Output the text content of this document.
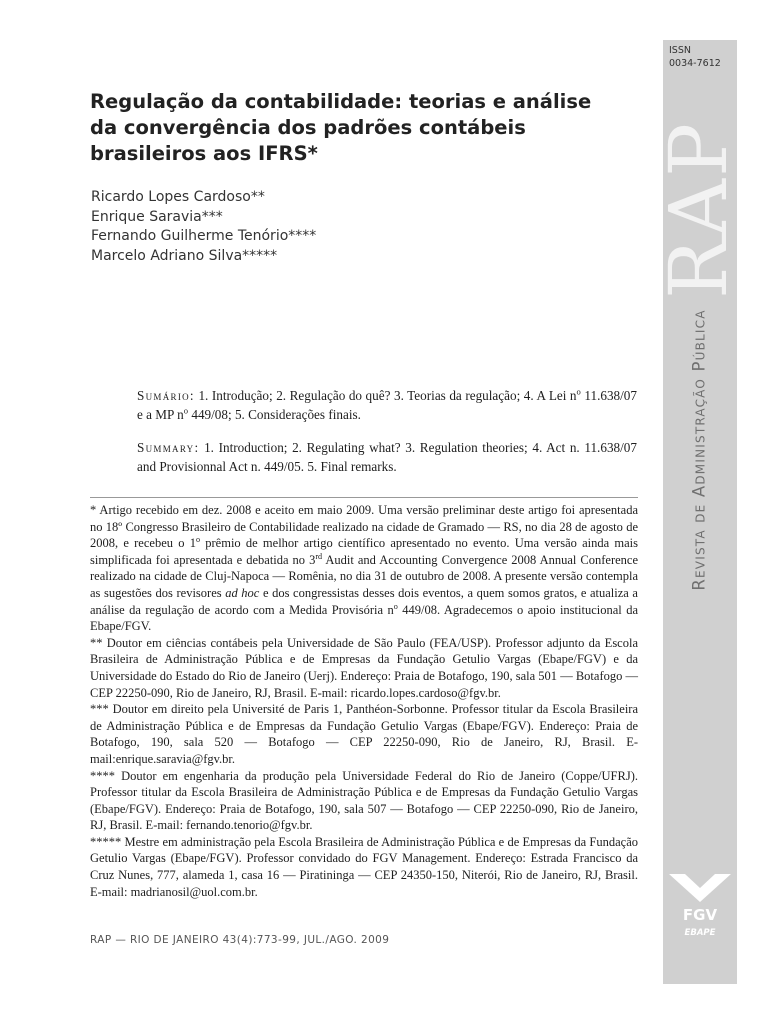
Regulação da contabilidade: teorias e análise
da convergência dos padrões contábeis
brasileiros aos IFRS*
Ricardo Lopes Cardoso**
Enrique Saravia***
Fernando Guilherme Tenório****
Marcelo Adriano Silva*****

Sumário: 1. Introdução; 2. Regulação do quê? 3. Teorias da regulação; 4. A Lei $n^o$ 11.638/07 e a MP $n^o$ 449/08; 5. Considerações finais.

Summary: 1. Introduction; 2. Regulating what? 3. Regulation theories; 4. Act n. 11.638/07 and Provisionnal Act n. 449/05. 5. Final remarks.

* Artigo recebido em dez. 2008 e aceito em maio 2009. Uma versão preliminar deste artigo foi apresentada no 18º Congresso Brasileiro de Contabilidade realizado na cidade de Gramado — RS, no dia 28 de agosto de 2008, e recebeu o 1$^o$ prêmio de melhor artigo científico apresentado no evento. Uma versão ainda mais simplificada foi apresentada e debatida no 3rd Audit and Accounting Convergence 2008 Annual Conference realizado na cidade de Cluj-Napoca — Romênia, no dia 31 de outubro de 2008. A presente versão contempla as sugestões dos revisores ad hoc e dos congressistas desses dois eventos, a quem somos gratos, e atualiza a análise da regulação de acordo com a Medida Provisória $n^o$ 449/08. Agradecemos o apoio institucional da Ebape/FGV.

** Doutor em ciências contábeis pela Universidade de São Paulo (FEA/USP). Professor adjunto da Escola Brasileira de Administração Pública e de Empresas da Fundação Getulio Vargas (Ebape/FGV) e da Universidade do Estado do Rio de Janeiro (Uerj). Endereço: Praia de Botafogo, 190, sala 501 — Botafogo — CEP 22250-090, Rio de Janeiro, RJ, Brasil. E-mail: ricardo.lopes.cardoso@fgv.br.

*** Doutor em direito pela Université de Paris 1, Panthéon-Sorbonne. Professor titular da Escola Brasileira de Administração Pública e de Empresas da Fundação Getulio Vargas (Ebape/FGV). Endereço: Praia de Botafogo, 190, sala 520 — Botafogo — CEP 22250-090, Rio de Janeiro, RJ, Brasil. E-mail:enrique.saravia@fgv.br.

**** Doutor em engenharia da produção pela Universidade Federal do Rio de Janeiro (Coppe/UFRJ). Professor titular da Escola Brasileira de Administração Pública e de Empresas da Fundação Getulio Vargas (Ebape/FGV). Endereço: Praia de Botafogo, 190, sala 507 — Botafogo — CEP 22250-090, Rio de Janeiro, RJ, Brasil. E-mail: fernando.tenorio@fgv.br.

***** Mestre em administração pela Escola Brasileira de Administração Pública e de Empresas da Fundação Getulio Vargas (Ebape/FGV). Professor convidado do FGV Management. Endereço: Estrada Francisco da Cruz Nunes, 777, alameda 1, casa 16 — Piratininga — CEP 24350-150, Niterói, Rio de Janeiro, RJ, Brasil. E-mail: madrianosil@uol.com.br.

RAP — RIO DE JANEIRO 43(4):773-99, JUL./AGO. 2009
ISSN
0034-7612
RAP
Revista de Administração Pública
FGV
EBAPE
